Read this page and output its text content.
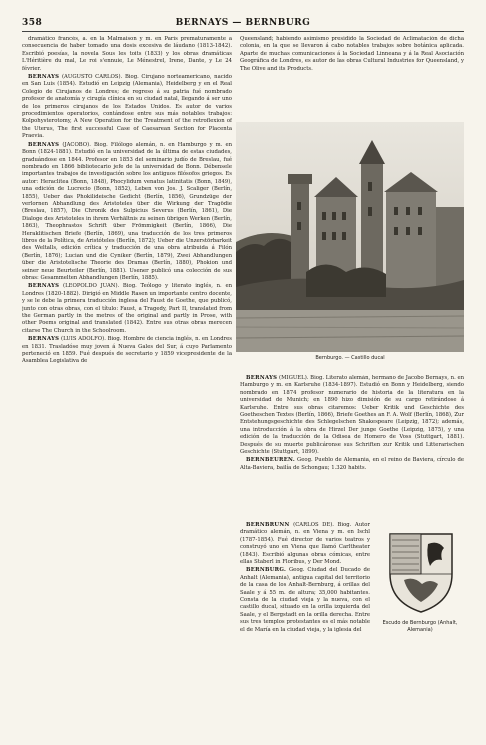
358	BERNAYS — BERNBURG

dramático francés, a. en la Malmaison y m. en París prematuramente a consecuencia de haber tomado una dosis excesiva de láudano (1813-1842). Escribió poesías, la novela Sous les toits (1833) y los obras dramáticas L'Héritière du mal, Le roi s'ennuie, Le Ménestrel, Irene, Dante, y Le 24 février.

BERNAYS (AUGUSTO CARLOS). Biog. Cirujano norteamericano, nacido en San Luis (1854). Estudió en Leipzig (Alemania), Heidelberg y en el Real Colegio de Cirujanos de Londres; de regreso á su patria fué nombrado profesor de anatomía y cirugía clínica en su ciudad natal, llegando á ser uno de los primeros cirujanos de los Estados Unidos. Es autor de varios procedimientos operatorios, contándose entre sus más notables trabajos: Kolpohysterotomy, A New Operation for the Treatment of the retroflexion of the Uterus, The first successful Case of Caesarean Section for Placenta Praevia.

BERNAYS (JACOBO). Biog. Filólogo alemán, n. en Hamburgo y m. en Bonn (1824-1881). Estudió en la universidad de la última de estas ciudades, graduándose en 1844. Profesor en 1853 del seminario judío de Breslau, fué nombrado en 1866 bibliotecario jefe de la universidad de Bonn. Débensele importantes trabajos de investigación sobre los antiguos filósofos griegos. Es autor: Heraclitea (Bonn, 1848), Phocylidum venatus latinitatis (Bonn, 1849), una edición de Lucrecio (Bonn, 1852), Leben von Jos. J. Scaliger (Berlín, 1855), Ueber das Phokilideische Gedicht (Berlín, 1856), Grundzüge der verlornen Abhandlung des Aristoteles über die Wirkung der Tragödie (Breslau, 1857), Die Chronik des Sulpicius Severus (Berlín, 1861), Die Dialoge des Aristoteles in ihrem Verhältnis zu seinen übrigen Werken (Berlín, 1863), Theophrastos Schrift über Frömmigkeit (Berlín, 1866), Die Heraklitischen Briefe (Berlín, 1869), una traducción de los tres primeros libros de la Política, de Aristóteles (Berlín, 1872); Ueber die Unzerstörbarkeit des Weltalls, edición crítica y traducción de una obra atribuida á Filón (Berlín, 1876); Lucian und die Cyniker (Berlín, 1879), Zwei Abhandlungen über die Aristotelische Theorie des Dramas (Berlín, 1880), Phokion und seiner neue Beurteiler (Berlín, 1881). Usener publicó una colección de sus obras: Gesammelten Abhandlungen (Berlín, 1885).

BERNAYS (LEOPOLDO JUAN). Biog. Teólogo y literato inglés, n. en Londres (1820-1882). Dirigió en Middle Rasen un importante centro docente, y se le debe la primera traducción inglesa del Faust de Goethe, que publicó, junto con otras obras, con el título: Faust, a Tragedy, Part II, translated from the German partly in the metres of the original and partly in Prose, with other Poems original and translated (1842). Entre sus otras obras merecen citarse The Church in the Schoolroom.

BERNAYS (LUIS ADOLFO). Biog. Hombre de ciencia inglés, n. en Londres en 1831. Trasladóse muy joven á Nueva Gales del Sur, á cuyo Parlamento perteneció en 1859. Fué después de secretario y 1859 vicepresidente de la Asamblea Legislativa de

Queensland; habiendo asimismo presidido la Sociedad de Aclimatación de dicha colonia, en la que se llevaron á cabo notables trabajos sobre botánica aplicada. Aparte de muchas comunicaciones á la Sociedad Linneana y á la Real Asociación Geográfica de Londres, es autor de las obras Cultural Industries for Queensland, y The Olive and its Products.

Bernburgo. — Castillo ducal

BERNAYS (MIGUEL). Biog. Literato alemán, hermano de Jacobo Bernays, n. en Hamburgo y m. en Karlsruhe (1834-1897). Estudió en Bonn y Heidelberg, siendo nombrado en 1874 profesor numerario de historia de la literatura en la universidad de Munich; en 1890 hizo dimisión de su cargo retirándose á Karlsruhe. Entre sus obras citaremos: Ueber Kritik und Geschichte des Goetheschen Textes (Berlín, 1866), Briefe Goethes an F. A. Wolf (Berlín, 1868), Zur Entstehungsgeschichte des Schlegelschen Shakespeare (Leipzig, 1872); además, una introducción á la obra de Hirzel Der junge Goethe (Leipzig, 1875), y una edición de la traducción de la Odisea de Homero de Voss (Stuttgart, 1881). Después de su muerte publicáronse sus Schriften zur Kritik und Litterarischen Geschichte (Stuttgart, 1899).

BERNBEUREN. Geog. Pueblo de Alemania, en el reino de Baviera, círculo de Alta-Baviera, bailía de Schongau; 1.320 habits.

BERNBRUNN (CARLOS DE). Biog. Autor dramático alemán, n. en Viena y m. en Ischl (1787-1854). Fué director de varios teatros y construyó uno en Viena que llamó Carltheater (1843). Escribió algunas obras cómicas, entre ellas Staberl in Floribus, y Der Mond.

BERNBURG. Geog. Ciudad del Ducado de Anhalt (Alemania), antigua capital del territorio de la casa de los Anhalt-Bernburg, á orillas del Saale y á 55 m. de altura; 35,000 habitantes. Consta de la ciudad vieja y la nueva, con el castillo ducal, situado en la orilla izquierda del Saale, y el Bergstadt en la orilla derecha. Entre sus tres templos protestantes es el más notable el de María en la ciudad vieja, y la iglesia del

Escudo de Bernburgo (Anhalt, Alemania)
